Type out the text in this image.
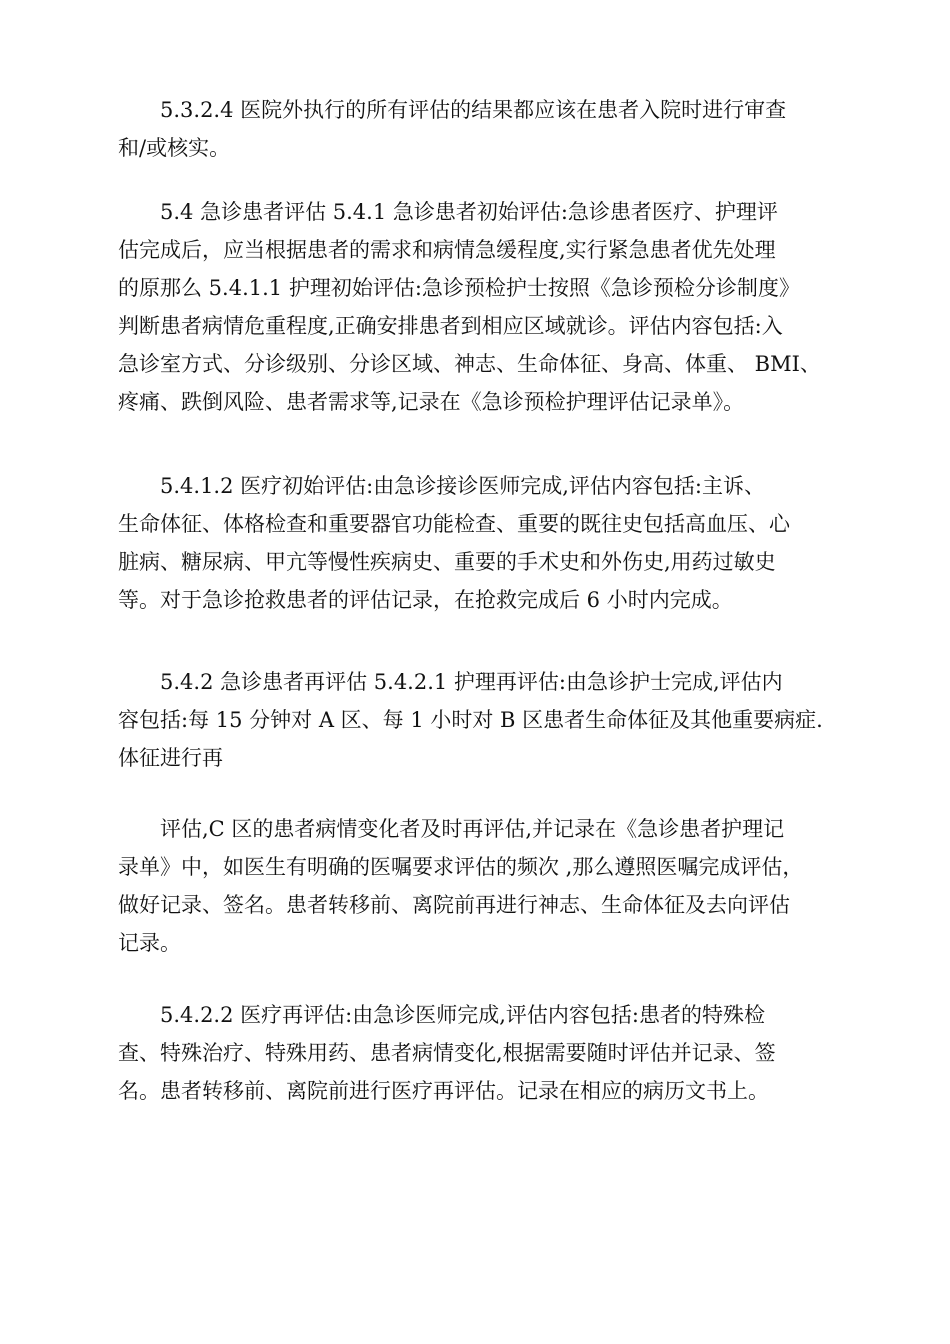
5.3.2.4 医院外执行的所有评估的结果都应该在患者入院时进行审查
和/或核实。

5.4 急诊患者评估 5.4.1 急诊患者初始评估:急诊患者医疗、护理评
估完成后，应当根据患者的需求和病情急缓程度,实行紧急患者优先处理
的原那么 5.4.1.1 护理初始评估:急诊预检护士按照《急诊预检分诊制度》
判断患者病情危重程度,正确安排患者到相应区域就诊。评估内容包括:入
急诊室方式、分诊级别、分诊区域、神志、生命体征、身高、体重、 BMI、
疼痛、跌倒风险、患者需求等,记录在《急诊预检护理评估记录单》。

5.4.1.2 医疗初始评估:由急诊接诊医师完成,评估内容包括:主诉、
生命体征、体格检查和重要器官功能检查、重要的既往史包括高血压、心
脏病、糖尿病、甲亢等慢性疾病史、重要的手术史和外伤史,用药过敏史
等。对于急诊抢救患者的评估记录，在抢救完成后 6 小时内完成。

5.4.2 急诊患者再评估 5.4.2.1 护理再评估:由急诊护士完成,评估内
容包括:每 15 分钟对 A 区、每 1 小时对 B 区患者生命体征及其他重要病症.
体征进行再

评估,C 区的患者病情变化者及时再评估,并记录在《急诊患者护理记
录单》中，如医生有明确的医嘱要求评估的频次 ,那么遵照医嘱完成评估，
做好记录、签名。患者转移前、离院前再进行神志、生命体征及去向评估
记录。

5.4.2.2 医疗再评估:由急诊医师完成,评估内容包括:患者的特殊检
查、特殊治疗、特殊用药、患者病情变化,根据需要随时评估并记录、签
名。患者转移前、离院前进行医疗再评估。记录在相应的病历文书上。
